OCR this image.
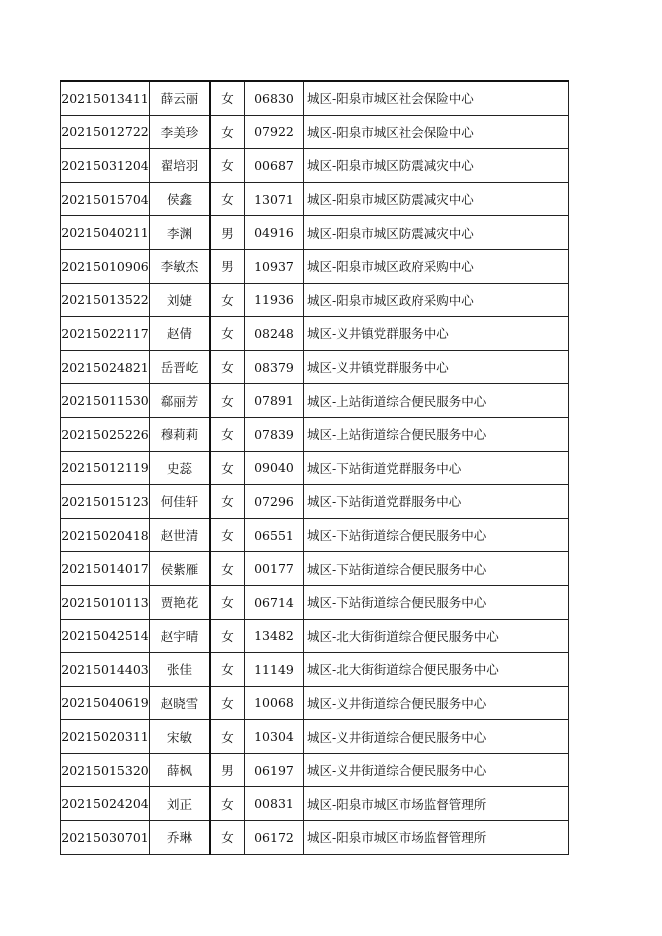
20215013411	薛云丽	女	06830	城区-阳泉市城区社会保险中心
20215012722	李美珍	女	07922	城区-阳泉市城区社会保险中心
20215031204	翟培羽	女	00687	城区-阳泉市城区防震减灾中心
20215015704	侯鑫	女	13071	城区-阳泉市城区防震减灾中心
20215040211	李渊	男	04916	城区-阳泉市城区防震减灾中心
20215010906	李敏杰	男	10937	城区-阳泉市城区政府采购中心
20215013522	刘婕	女	11936	城区-阳泉市城区政府采购中心
20215022117	赵倩	女	08248	城区-义井镇党群服务中心
20215024821	岳晋屹	女	08379	城区-义井镇党群服务中心
20215011530	郗丽芳	女	07891	城区-上站街道综合便民服务中心
20215025226	穆莉莉	女	07839	城区-上站街道综合便民服务中心
20215012119	史蕊	女	09040	城区-下站街道党群服务中心
20215015123	何佳轩	女	07296	城区-下站街道党群服务中心
20215020418	赵世清	女	06551	城区-下站街道综合便民服务中心
20215014017	侯紫雁	女	00177	城区-下站街道综合便民服务中心
20215010113	贾艳花	女	06714	城区-下站街道综合便民服务中心
20215042514	赵宇晴	女	13482	城区-北大街街道综合便民服务中心
20215014403	张佳	女	11149	城区-北大街街道综合便民服务中心
20215040619	赵晓雪	女	10068	城区-义井街道综合便民服务中心
20215020311	宋敏	女	10304	城区-义井街道综合便民服务中心
20215015320	薛枫	男	06197	城区-义井街道综合便民服务中心
20215024204	刘正	女	00831	城区-阳泉市城区市场监督管理所
20215030701	乔琳	女	06172	城区-阳泉市城区市场监督管理所
